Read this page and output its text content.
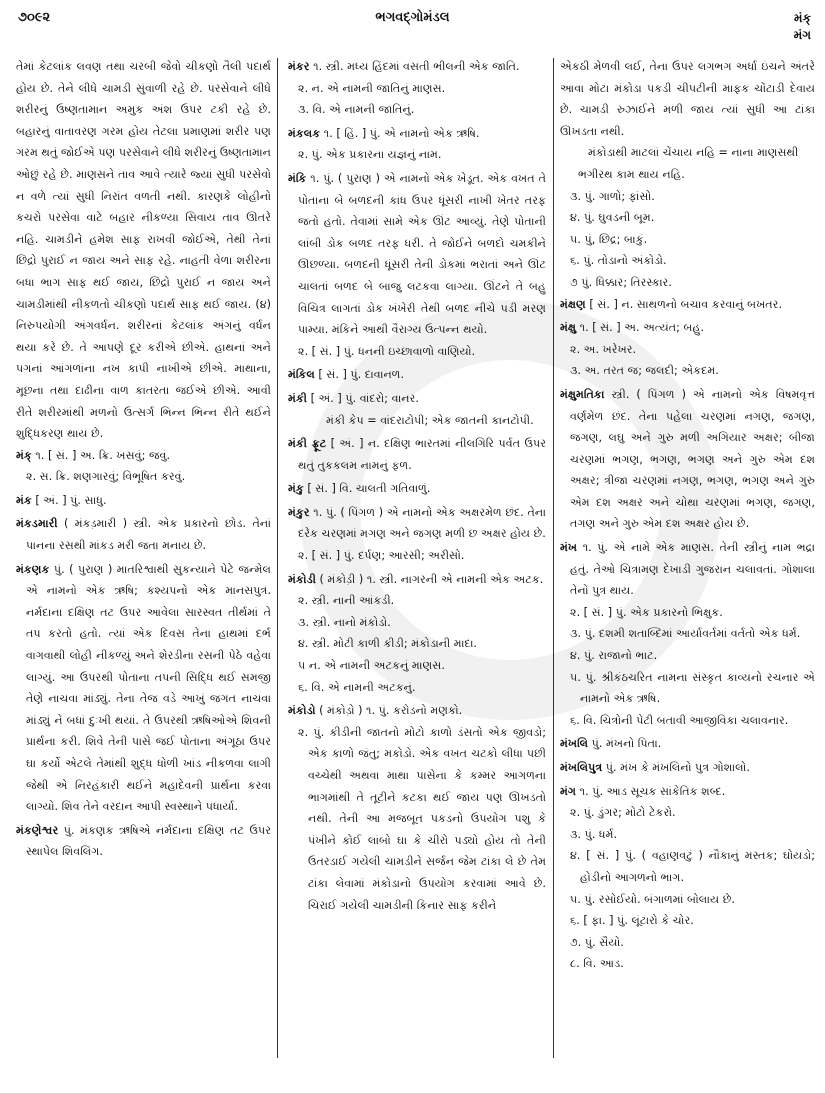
૭૦૯૨	ભગવદ્‌ગોમંડલ	મંક્
મંગ

તેમાં કેટલાંક લવણ તથા ચરબી જેવો ચીકણો તૈલી પદાર્થ હોય છે. તેને લીધે ચામડી સુંવાળી રહે છે. પરસેવાને લીધે શરીરનું ઉષ્ણતામાન અમુક અંશ ઉપર ટકી રહે છે. બહારનું વાતાવરણ ગરમ હોય તેટલા પ્રમાણમાં શરીર પણ ગરમ થતું જોઈએ પણ પરસેવાને લીધે શરીરનું ઉષ્ણતામાન ઓછું રહે છે. માણસને તાવ આવે ત્યારે જ્યાં સુધી પરસેવો ન વળે ત્યાં સુધી નિરાંત વળતી નથી. કારણકે લોહીનો કચરો પરસેવા વાટે બહાર નીકળ્યા સિવાય તાવ ઊતરે નહિ. ચામડીને હમેશ સાફ રાખવી જોઈએ, તેથી તેનાં છિદ્રો પુરાઈ ન જાય અને સાફ રહે. નાહતી વેળા શરીરના બધા ભાગ સાફ થઈ જાય, છિદ્રો પુરાઈ ન જાય અને ચામડીમાંથી નીકળતો ચીકણો પદાર્થ સાફ થઈ જાય. (૪) નિરુપયોગી અંગવર્ધન. શરીરનાં કેટલાંક અંગનું વર્ધન થયા કરે છે. તે આપણે દૂર કરીએ છીએ. હાથનાં અને પગનાં આંગળાંના નખ કાપી નાખીએ છીએ. માથાના, મૂછના તથા દાઢીના વાળ કાતરતા જઈએ છીએ. આવી રીતે શરીરમાંથી મળનો ઉત્સર્ગ ભિન્ન ભિન્ન રીતે થઈને શુદ્ધિકરણ થાય છે.

મંક્ ૧. [ સં. ] અ. ક્રિ. ખસવું; જવું.
૨. સ. ક્રિ. શણગારવું; વિભૂષિત કરવું.
મંક [ અં. ] પું. સાધુ.
મંકડમારી ( મંકડ઼મારી ) સ્ત્રી. એક પ્રકારનો છોડ. તેનાં પાનના રસથી માંકડ મરી જતા મનાય છે.
મંકણક પું. ( પુરાણ ) માતરિશ્વાથી સુકન્યાને પેટે જન્મેલ એ નામનો એક ઋષિ; કશ્યપનો એક માનસપુત્ર. નર્મદાના દક્ષિણ તટ ઉપર આવેલા સારસ્વત તીર્થમાં તે તપ કરતો હતો. ત્યાં એક દિવસ તેના હાથમાં દર્ભ વાગવાથી લોહી નીકળ્યું અને શેરડીના રસની પેઠે વહેવા લાગ્યું. આ ઉપરથી પોતાના તપની સિદ્ધિ થઈ સમજી તેણે નાચવા માંડ્યું. તેના તેજ વડે આખું જગત નાચવા માંડ્યું ને બધાં દુઃખી થયાં. તે ઉપરથી ઋષિઓએ શિવની પ્રાર્થના કરી. શિવે તેની પાસે જઈ પોતાના અંગૂઠા ઉપર ઘા કર્યો એટલે તેમાંથી શુદ્ધ ધોળી ખાંડ નીકળવા લાગી જેથી એ નિરહંકારી થઈને મહાદેવની પ્રાર્થના કરવા લાગ્યો. શિવ તેને વરદાન આપી સ્વસ્થાને પધાર્યા.
મંકણેશ્વર પું. મંકણક ઋષિએ નર્મદાના દક્ષિણ તટ ઉપર સ્થાપેલ શિવલિંગ.
મંકર ૧. સ્ત્રી. મધ્ય હિંદમાં વસતી ભીલની એક જાતિ.
૨. ન. એ નામની જાતિનું માણસ.
૩. વિ. એ નામની જાતિનું.
મંકલક ૧. [ હિં. ] પું. એ નામનો એક ઋષિ.
૨. પું. એક પ્રકારના યજ્ઞનું નામ.
મંકિ ૧. પું. ( પુરાણ ) એ નામનો એક ખેડૂત. એક વખત તે પોતાના બે બળદની કાંધ ઉપર ધૂંસરી નાખી ખેતર તરફ જતો હતો. તેવામાં સામે એક ઊંટ આવ્યું. તેણે પોતાની લાંબી ડોક બળદ તરફ ધરી. તે જોઈને બળદો ચમકીને ઊછળ્યા. બળદની ધૂંસરી તેની ડોકમાં ભરાતાં અને ઊંટ ચાલતાં બળદ બે બાજુ લટકવા લાગ્યા. ઊંટને તે બહુ વિચિત્ર લાગતાં ડોક ખંખેરી તેથી બળદ નીચે પડી મરણ પામ્યા. મંકિને આથી વૈરાગ્ય ઉત્પન્ન થયો.
૨. [ સં. ] પું. ધનની ઇચ્છાવાળો વાણિયો.
મંકિલ [ સં. ] પું. દાવાનળ.
મંકી [ અં. ] પું. વાંદરો; વાનર.
મંકી કેપ = વાંદરાટોપી; એક જાતની કાનટોપી.
મંકી ફ્રૂટ [ અં. ] ન. દક્ષિણ ભારતમાં નીલગિરિ પર્વત ઉપર થતું તુકકલમ નામનું ફળ.
મંકુ [ સં. ] વિ. ચાલતી ગતિવાળું.
મંકુર ૧. પું. ( પિંગળ ) એ નામનો એક અક્ષરમેળ છંદ. તેના દરેક ચરણમાં મગણ અને જગણ મળી છ અક્ષર હોય છે.
૨. [ સં. ] પું. દર્પણ; આરસી; અરીસો.
મંકોડી ( મંકોડ઼ી ) ૧. સ્ત્રી. નાગરની એ નામની એક અટક.
૨. સ્ત્રી. નાની આંકડી.
૩. સ્ત્રી. નાનો મંકોડો.
૪. સ્ત્રી. મોટી કાળી કીડી; મંકોડાની માદા.
૫ ન. એ નામની અટકનું માણસ.
૬. વિ. એ નામની અટકનું.
મંકોડો ( મંકોડ઼ો ) ૧. પું. કરોડનો મણકો.
૨. પું. કીડીની જાતનો મોટો કાળો ડંસતો એક જીવડો; એક કાળો જંતુ; મકોડો. એક વખત ચટકો લીધા પછી વચ્ચેથી અથવા માથા પાસેના કે કમ્મર આગળના ભાગમાંથી તે તૂટીને કટકા થઈ જાય પણ ઊખડતો નથી. તેની આ મજબૂત પકડનો ઉપયોગ પશુ કે પંખીને કોઈ લાંબો ઘા કે ચીરો પડ્યો હોય તો તેની ઉતરડાઈ ગયેલી ચામડીને સર્જન જેમ ટાંકા લે છે તેમ ટાંકા લેવામાં મંકોડાનો ઉપયોગ કરવામાં આવે છે. ચિરાઈ ગયેલી ચામડીની કિનાર સાફ કરીને

એકઠી મેળવી લઈ, તેના ઉપર લગભગ અર્ધા ઇંચને અંતરે આવા મોટા મંકોડા પકડી ચીપટીની માફક ચોંટાડી દેવાય છે. ચામડી રુઝાઈને મળી જાય ત્યાં સુધી આ ટાંકા ઊખડતા નથી.

મંકોડાથી માટલાં ચેંચાય નહિ = નાના માણસથી ભગીરથ કામ થાય નહિ.
૩. પું. ગાળો; ફાંસો.
૪. પું. ઘુવડની બૂમ.
૫. પું, છિદ્ર; બાકું.
૬. પું. તોડાનો અંકોડો.
૭ પું. ધિક્કાર; તિરસ્કાર.
મંક્ષણ [ સં. ] ન. સાથળનો બચાવ કરવાનું બખતર.
મંક્ષુ ૧. [ સં. ] અ. અત્યંત; બહુ.
૨. અ. ખરેખર.
૩. અ. તરત જ; જલદી; એકદમ.
મંક્ષુમતિકા સ્ત્રી. ( પિંગળ ) એ નામનો એક વિષમવૃત્ત વર્ણમેળ છંદ. તેના પહેલા ચરણમાં નગણ, જગણ, જગણ, લઘુ અને ગુરુ મળી અગિયાર અક્ષર; બીજા ચરણમાં ભગણ, ભગણ, ભગણ અને ગુરુ એમ દશ અક્ષર; ત્રીજા ચરણમાં નગણ, ભગણ, ભગણ અને ગુરુ એમ દશ અક્ષર અને ચોથા ચરણમાં ભગણ, જગણ, તગણ અને ગુરુ એમ દશ અક્ષર હોય છે.
મંખ ૧. પું. એ નામે એક માણસ. તેની સ્ત્રીનું નામ ભદ્રા હતું. તેઓ ચિત્રામણ દેખાડી ગુજરાન ચલાવતાં. ગોશાલા તેનો પુત્ર થાય.
૨. [ સં. ] પું. એક પ્રકારનો ભિક્ષુક.
૩. પું. દશમી શતાબ્દિમાં આર્યાવર્તમાં વર્તતો એક ધર્મ.
૪. પું. રાજાનો ભાટ.
૫. પું. શ્રીકંઠચરિત નામના સંસ્કૃત કાવ્યનો રચનાર એ નામનો એક ઋષિ.
૬. વિ. ચિત્રોની પેટી બતાવી આજીવિકા ચલાવનાર.
મંખલિ પું. મંખનો પિતા.
મંખલિપુત્ર પું. મંખ કે મંખલિનો પુત્ર ગોશાલો.
મંગ ૧. પું. આડ સૂચક સાંકેતિક શબ્દ.
૨. પું. ડુંગર; મોટો ટેકરો.
૩. પું. ધર્મ.
૪. [ સં. ] પું. ( વહાણવટું ) નૌકાનું મસ્તક; ઘોયડો; હોડીનો આગળનો ભાગ.
૫. પું. રસોઈયો. બંગાળમાં બોલાય છે.
૬. [ ફા. ] પું. લૂંટારો કે ચોર.
૭. પું. સૈયો.
૮. વિ. આડ.
